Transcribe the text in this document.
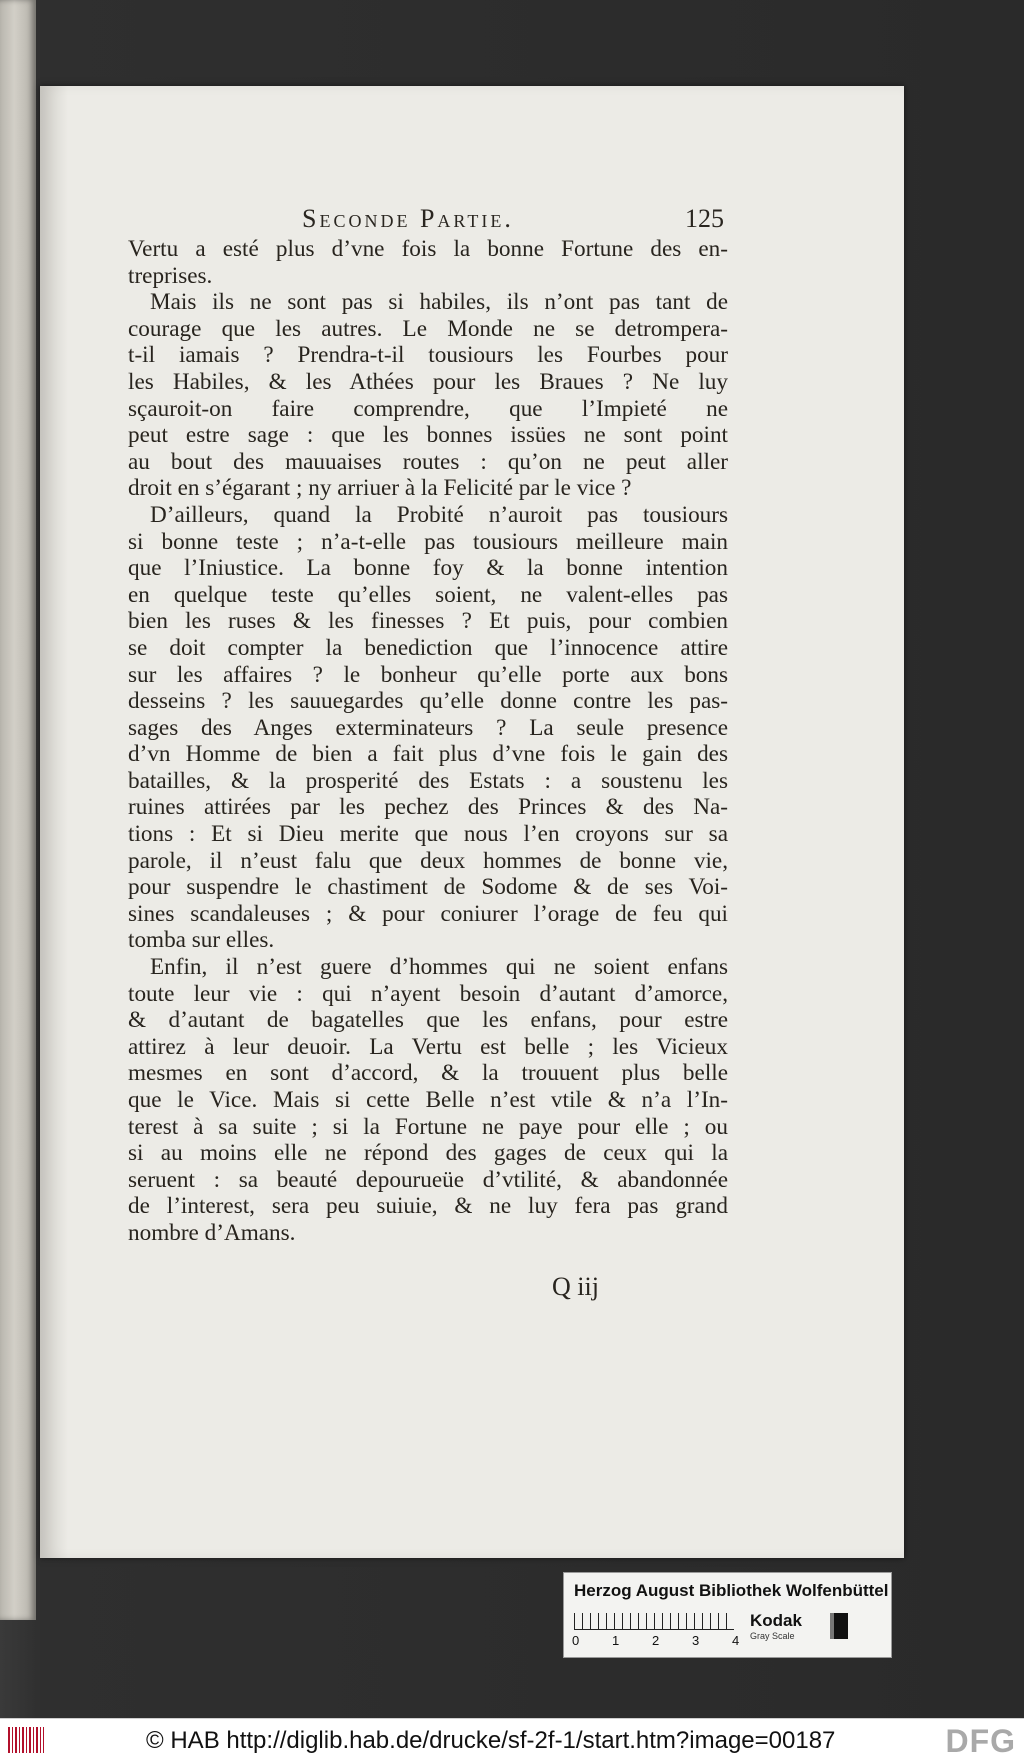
Seconde Partie.	125

Vertu a esté plus d’vne fois la bonne Fortune des en-
treprises.

Mais ils ne sont pas si habiles, ils n’ont pas tant de
courage que les autres. Le Monde ne se detrompera-
t-il iamais ? Prendra-t-il tousiours les Fourbes pour
les Habiles, & les Athées pour les Braues ? Ne luy
sçauroit-on faire comprendre, que l’Impieté ne
peut estre sage : que les bonnes issües ne sont point
au bout des mauuaises routes : qu’on ne peut aller
droit en s’égarant ; ny arriuer à la Felicité par le vice ?

D’ailleurs, quand la Probité n’auroit pas tousiours
si bonne teste ; n’a-t-elle pas tousiours meilleure main
que l’Iniustice. La bonne foy & la bonne intention
en quelque teste qu’elles soient, ne valent-elles pas
bien les ruses & les finesses ? Et puis, pour combien
se doit compter la benediction que l’innocence attire
sur les affaires ? le bonheur qu’elle porte aux bons
desseins ? les sauuegardes qu’elle donne contre les pas-
sages des Anges exterminateurs ? La seule presence
d’vn Homme de bien a fait plus d’vne fois le gain des
batailles, & la prosperité des Estats : a soustenu les
ruines attirées par les pechez des Princes & des Na-
tions : Et si Dieu merite que nous l’en croyons sur sa
parole, il n’eust falu que deux hommes de bonne vie,
pour suspendre le chastiment de Sodome & de ses Voi-
sines scandaleuses ; & pour coniurer l’orage de feu qui
tomba sur elles.

Enfin, il n’est guere d’hommes qui ne soient enfans
toute leur vie : qui n’ayent besoin d’autant d’amorce,
& d’autant de bagatelles que les enfans, pour estre
attirez à leur deuoir. La Vertu est belle ; les Vicieux
mesmes en sont d’accord, & la trouuent plus belle
que le Vice. Mais si cette Belle n’est vtile & n’a l’In-
terest à sa suite ; si la Fortune ne paye pour elle ; ou
si au moins elle ne répond des gages de ceux qui la
seruent : sa beauté depourueüe d’vtilité, & abandonnée
de l’interest, sera peu suiuie, & ne luy fera pas grand
nombre d’Amans.

Q iij
Herzog August Bibliothek Wolfenbüttel
0	1	2	3	4
Kodak
Gray Scale
© HAB http://diglib.hab.de/drucke/sf-2f-1/start.htm?image=00187	DFG
